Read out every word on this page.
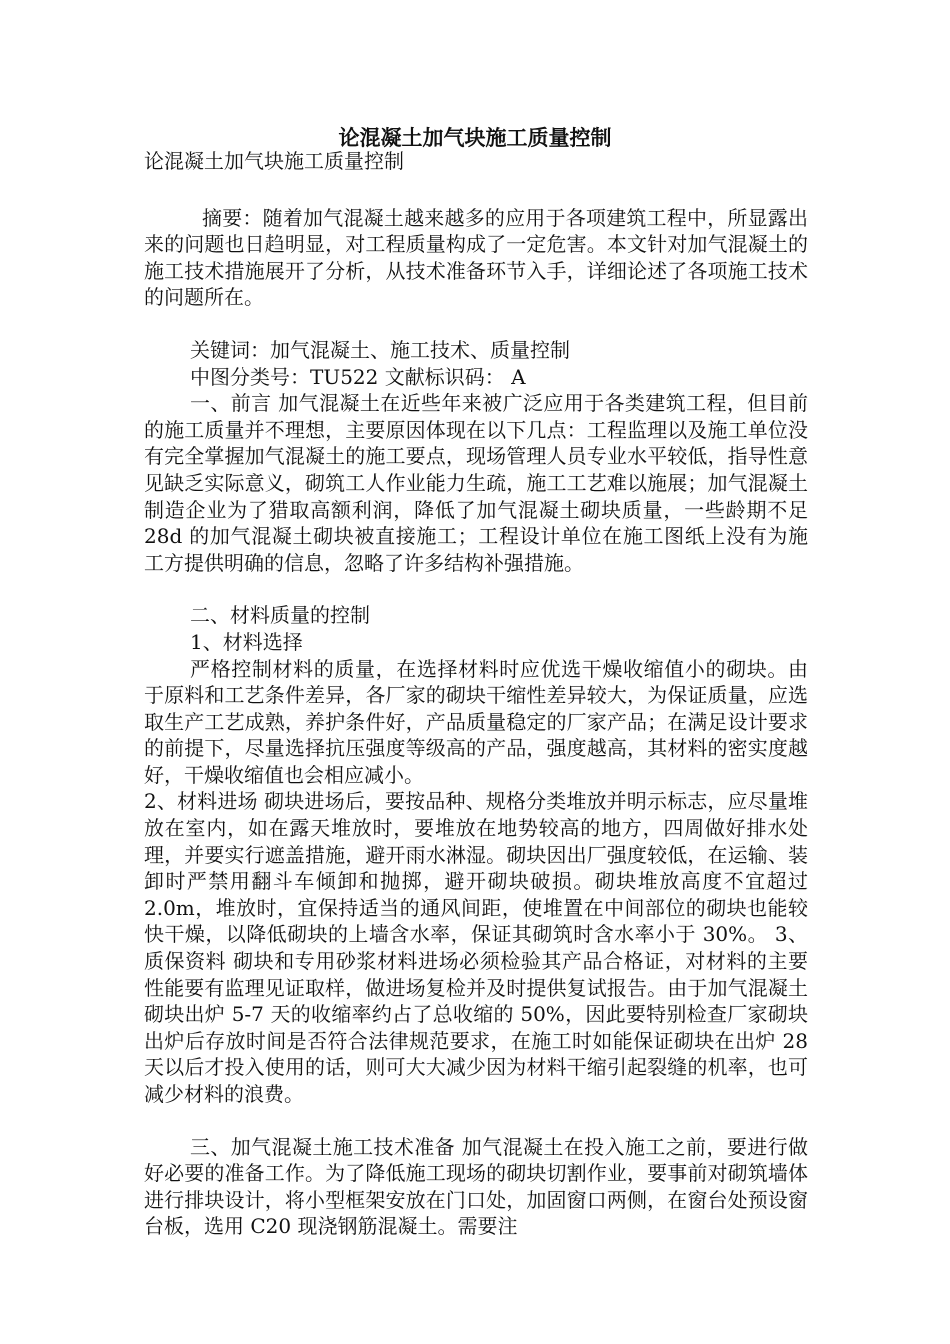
论混凝土加气块施工质量控制

论混凝土加气块施工质量控制

摘要：随着加气混凝土越来越多的应用于各项建筑工程中，所显露出来的问题也日趋明显，对工程质量构成了一定危害。本文针对加气混凝土的施工技术措施展开了分析，从技术准备环节入手，详细论述了各项施工技术的问题所在。

关键词：加气混凝土、施工技术、质量控制

中图分类号：TU522 文献标识码： A

一、前言 加气混凝土在近些年来被广泛应用于各类建筑工程，但目前的施工质量并不理想，主要原因体现在以下几点：工程监理以及施工单位没有完全掌握加气混凝土的施工要点，现场管理人员专业水平较低，指导性意见缺乏实际意义，砌筑工人作业能力生疏，施工工艺难以施展；加气混凝土制造企业为了猎取高额利润，降低了加气混凝土砌块质量，一些龄期不足 28d 的加气混凝土砌块被直接施工；工程设计单位在施工图纸上没有为施工方提供明确的信息，忽略了许多结构补强措施。

二、材料质量的控制

1、材料选择

严格控制材料的质量，在选择材料时应优选干燥收缩值小的砌块。由于原料和工艺条件差异，各厂家的砌块干缩性差异较大，为保证质量，应选取生产工艺成熟，养护条件好，产品质量稳定的厂家产品；在满足设计要求的前提下，尽量选择抗压强度等级高的产品，强度越高，其材料的密实度越好，干燥收缩值也会相应减小。

2、材料进场 砌块进场后，要按品种、规格分类堆放并明示标志，应尽量堆放在室内，如在露天堆放时，要堆放在地势较高的地方，四周做好排水处理，并要实行遮盖措施，避开雨水淋湿。砌块因出厂强度较低，在运输、装卸时严禁用翻斗车倾卸和抛掷，避开砌块破损。砌块堆放高度不宜超过 2.0m，堆放时，宜保持适当的通风间距，使堆置在中间部位的砌块也能较快干燥，以降低砌块的上墙含水率，保证其砌筑时含水率小于 30%。 3、质保资料 砌块和专用砂浆材料进场必须检验其产品合格证，对材料的主要性能要有监理见证取样，做进场复检并及时提供复试报告。由于加气混凝土砌块出炉 5-7 天的收缩率约占了总收缩的 50%，因此要特别检查厂家砌块出炉后存放时间是否符合法律规范要求，在施工时如能保证砌块在出炉 28 天以后才投入使用的话，则可大大减少因为材料干缩引起裂缝的机率，也可减少材料的浪费。

三、加气混凝土施工技术准备 加气混凝土在投入施工之前，要进行做好必要的准备工作。为了降低施工现场的砌块切割作业，要事前对砌筑墙体进行排块设计，将小型框架安放在门口处，加固窗口两侧，在窗台处预设窗台板，选用 C20 现浇钢筋混凝土。需要注
